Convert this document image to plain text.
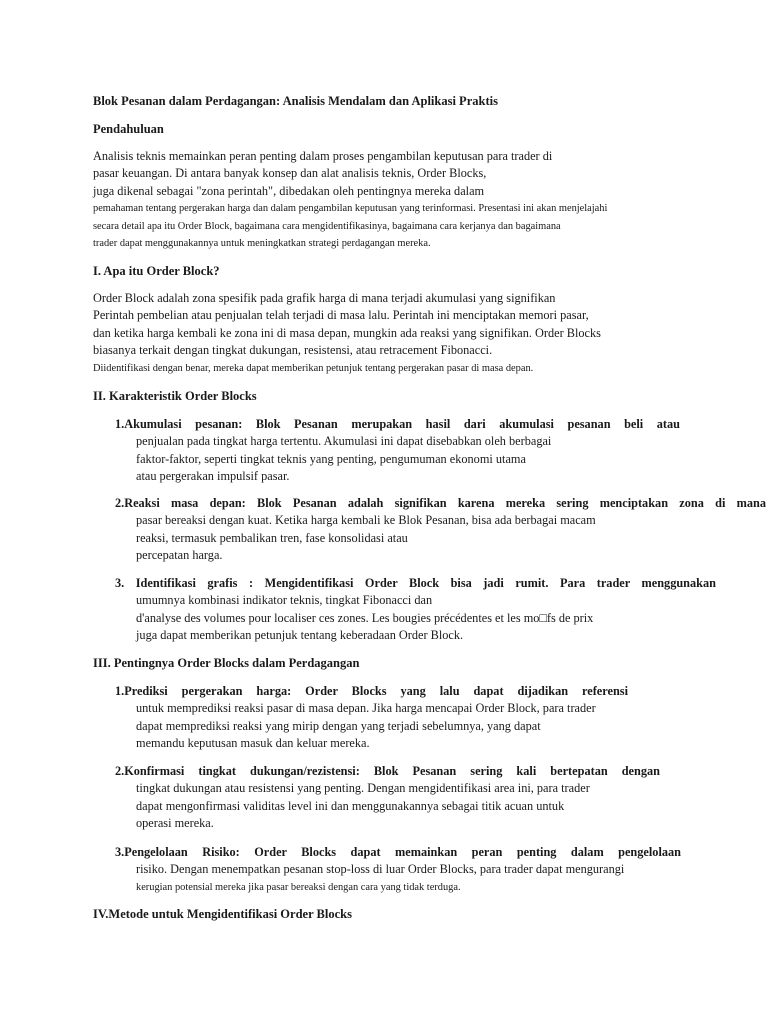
Blok Pesanan dalam Perdagangan: Analisis Mendalam dan Aplikasi Praktis
Pendahuluan
Analisis teknis memainkan peran penting dalam proses pengambilan keputusan para trader di
pasar keuangan. Di antara banyak konsep dan alat analisis teknis, Order Blocks,
juga dikenal sebagai "zona perintah", dibedakan oleh pentingnya mereka dalam
pemahaman tentang pergerakan harga dan dalam pengambilan keputusan yang terinformasi. Presentasi ini akan menjelajahi
secara detail apa itu Order Block, bagaimana cara mengidentifikasinya, bagaimana cara kerjanya dan bagaimana
trader dapat menggunakannya untuk meningkatkan strategi perdagangan mereka.
I. Apa itu Order Block?
Order Block adalah zona spesifik pada grafik harga di mana terjadi akumulasi yang signifikan
Perintah pembelian atau penjualan telah terjadi di masa lalu. Perintah ini menciptakan memori pasar,
dan ketika harga kembali ke zona ini di masa depan, mungkin ada reaksi yang signifikan. Order Blocks
biasanya terkait dengan tingkat dukungan, resistensi, atau retracement Fibonacci.
Diidentifikasi dengan benar, mereka dapat memberikan petunjuk tentang pergerakan pasar di masa depan.
II. Karakteristik Order Blocks
1.Akumulasi pesanan: Blok Pesanan merupakan hasil dari akumulasi pesanan beli atau
penjualan pada tingkat harga tertentu. Akumulasi ini dapat disebabkan oleh berbagai
faktor-faktor, seperti tingkat teknis yang penting, pengumuman ekonomi utama
atau pergerakan impulsif pasar.
2.Reaksi masa depan: Blok Pesanan adalah signifikan karena mereka sering menciptakan zona di mana
pasar bereaksi dengan kuat. Ketika harga kembali ke Blok Pesanan, bisa ada berbagai macam
reaksi, termasuk pembalikan tren, fase konsolidasi atau
percepatan harga.
3. Identifikasi grafis : Mengidentifikasi Order Block bisa jadi rumit. Para trader menggunakan
umumnya kombinasi indikator teknis, tingkat Fibonacci dan
d'analyse des volumes pour localiser ces zones. Les bougies précédentes et les mo□fs de prix
juga dapat memberikan petunjuk tentang keberadaan Order Block.
III. Pentingnya Order Blocks dalam Perdagangan
1.Prediksi pergerakan harga: Order Blocks yang lalu dapat dijadikan referensi
untuk memprediksi reaksi pasar di masa depan. Jika harga mencapai Order Block, para trader
dapat memprediksi reaksi yang mirip dengan yang terjadi sebelumnya, yang dapat
memandu keputusan masuk dan keluar mereka.
2.Konfirmasi tingkat dukungan/rezistensi: Blok Pesanan sering kali bertepatan dengan
tingkat dukungan atau resistensi yang penting. Dengan mengidentifikasi area ini, para trader
dapat mengonfirmasi validitas level ini dan menggunakannya sebagai titik acuan untuk
operasi mereka.
3.Pengelolaan Risiko: Order Blocks dapat memainkan peran penting dalam pengelolaan
risiko. Dengan menempatkan pesanan stop-loss di luar Order Blocks, para trader dapat mengurangi
kerugian potensial mereka jika pasar bereaksi dengan cara yang tidak terduga.
IV.Metode untuk Mengidentifikasi Order Blocks
